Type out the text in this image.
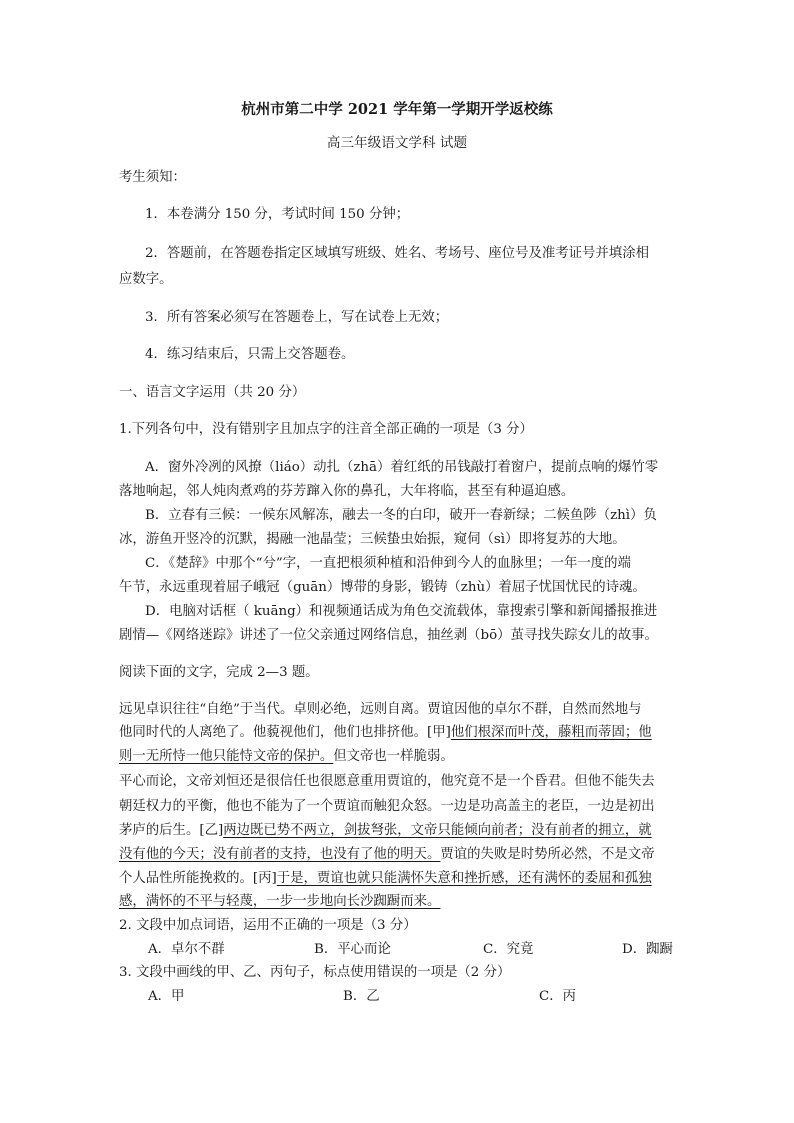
杭州市第二中学 2021 学年第一学期开学返校练
高三年级语文学科 试题
考生须知：
1．本卷满分 150 分，考试时间 150 分钟；
2．答题前，在答题卷指定区域填写班级、姓名、考场号、座位号及准考证号并填涂相
应数字。
3．所有答案必须写在答题卷上，写在试卷上无效；
4．练习结束后，只需上交答题卷。
一、语言文字运用（共 20 分）
1.下列各句中，没有错别字且加点字的注音全部正确的一项是（3 分）
A．窗外冷冽的风撩（liáo）动扎（zhā）着红纸的吊钱敲打着窗户，提前点响的爆竹零
落地响起，邻人炖肉煮鸡的芬芳蹿入你的鼻孔，大年将临，甚至有种逼迫感。
B．立春有三候：一候东风解冻，融去一冬的白印，破开一春新绿；二候鱼陟（zhì）负
冰，游鱼开竖冷的沉默，揭融一池晶莹；三候蛰虫始振，窥伺（sì）即将复苏的大地。
C．《楚辞》中那个“兮”字，一直把根须种植和沿伸到今人的血脉里；一年一度的端
午节，永远重现着屈子峨冠（guān）博带的身影，锻铸（zhù）着屈子忧国忧民的诗魂。
D．电脑对话框（ kuāng）和视频通话成为角色交流载体，靠搜索引擎和新闻播报推进
剧情—《网络迷踪》讲述了一位父亲通过网络信息，抽丝剥（bō）茧寻找失踪女儿的故事。
阅读下面的文字，完成 2—3 题。
远见卓识往往“自绝”于当代。卓则必绝，远则自离。贾谊因他的卓尔不群，自然而然地与
他同时代的人离绝了。他藐视他们，他们也排挤他。[甲]他们根深而叶茂，藤粗而蒂固；他
则一无所恃一他只能恃文帝的保护。但文帝也一样脆弱。
平心而论，文帝刘恒还是很信任也很愿意重用贾谊的，他究竟不是一个昏君。但他不能失去
朝廷权力的平衡，他也不能为了一个贾谊而触犯众怒。一边是功高盖主的老臣，一边是初出
茅庐的后生。[乙]两边既已势不两立，剑拔弩张，文帝只能倾向前者；没有前者的拥立，就
没有他的今天；没有前者的支持，也没有了他的明天。贾谊的失败是时势所必然，不是文帝
个人品性所能挽救的。[丙]于是，贾谊也就只能满怀失意和挫折感，还有满怀的委屈和孤独
感，满怀的不平与轻蔑，一步一步地向长沙踟蹰而来。
2. 文段中加点词语，运用不正确的一项是（3 分）
A．卓尔不群	B．平心而论	C．究竟	D．踟蹰
3. 文段中画线的甲、乙、丙句子，标点使用错误的一项是（2 分）
A．甲	B．乙	C．丙
